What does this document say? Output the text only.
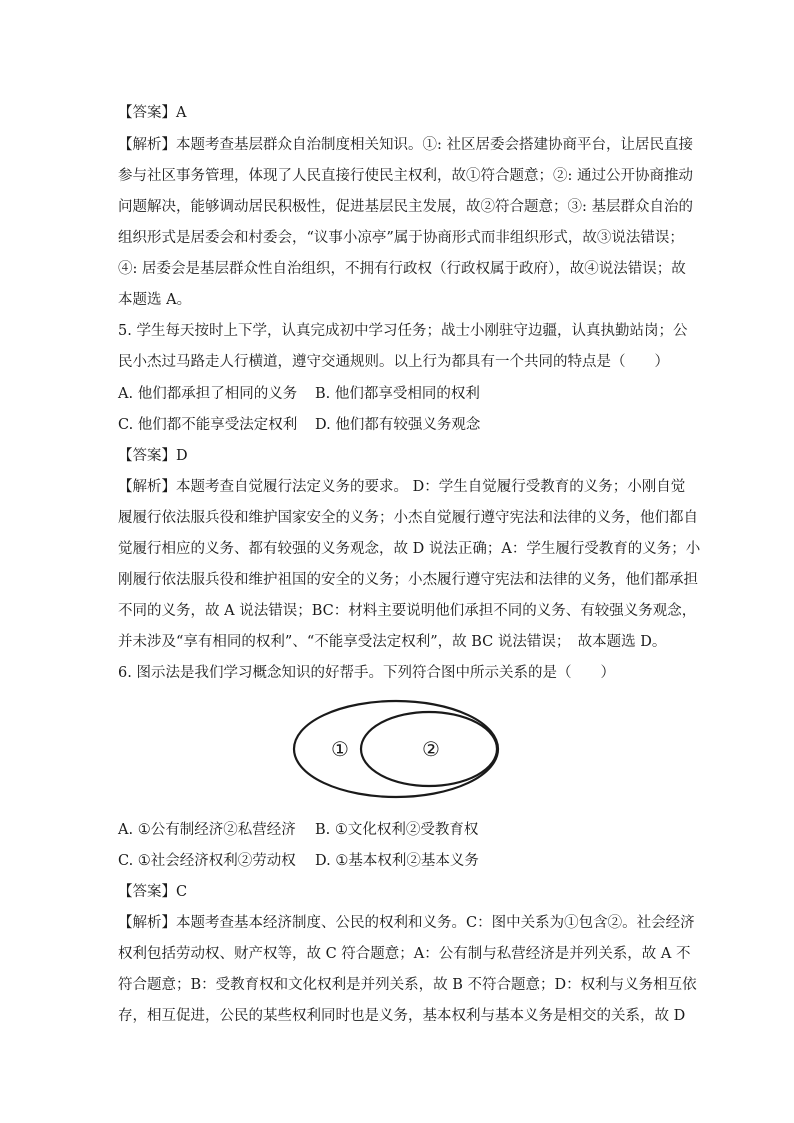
【答案】A
【解析】本题考查基层群众自治制度相关知识。①: 社区居委会搭建协商平台，让居民直接
参与社区事务管理，体现了人民直接行使民主权利，故①符合题意；②: 通过公开协商推动
问题解决，能够调动居民积极性，促进基层民主发展，故②符合题意；③: 基层群众自治的
组织形式是居委会和村委会，“议事小凉亭”属于协商形式而非组织形式，故③说法错误；
④: 居委会是基层群众性自治组织，不拥有行政权（行政权属于政府），故④说法错误；故
本题选 A。
5. 学生每天按时上下学，认真完成初中学习任务；战士小刚驻守边疆，认真执勤站岗；公
民小杰过马路走人行横道，遵守交通规则。以上行为都具有一个共同的特点是（　　）
A. 他们都承担了相同的义务 B. 他们都享受相同的权利
C. 他们都不能享受法定权利 D. 他们都有较强义务观念
【答案】D
【解析】本题考查自觉履行法定义务的要求。 D：学生自觉履行受教育的义务；小刚自觉
履履行依法服兵役和维护国家安全的义务；小杰自觉履行遵守宪法和法律的义务，他们都自
觉履行相应的义务、都有较强的义务观念，故 D 说法正确；A：学生履行受教育的义务；小
刚履行依法服兵役和维护祖国的安全的义务；小杰履行遵守宪法和法律的义务，他们都承担
不同的义务，故 A 说法错误；BC：材料主要说明他们承担不同的义务、有较强义务观念，
并未涉及“享有相同的权利”、“不能享受法定权利”，故 BC 说法错误；　故本题选 D。
6. 图示法是我们学习概念知识的好帮手。下列符合图中所示关系的是（　　）
①	②
A. ①公有制经济②私营经济 B. ①文化权利②受教育权
C. ①社会经济权利②劳动权 D. ①基本权利②基本义务
【答案】C
【解析】本题考查基本经济制度、公民的权利和义务。C：图中关系为①包含②。社会经济
权利包括劳动权、财产权等，故 C 符合题意；A：公有制与私营经济是并列关系，故 A 不
符合题意；B：受教育权和文化权利是并列关系，故 B 不符合题意；D：权利与义务相互依
存，相互促进，公民的某些权利同时也是义务，基本权利与基本义务是相交的关系，故 D
